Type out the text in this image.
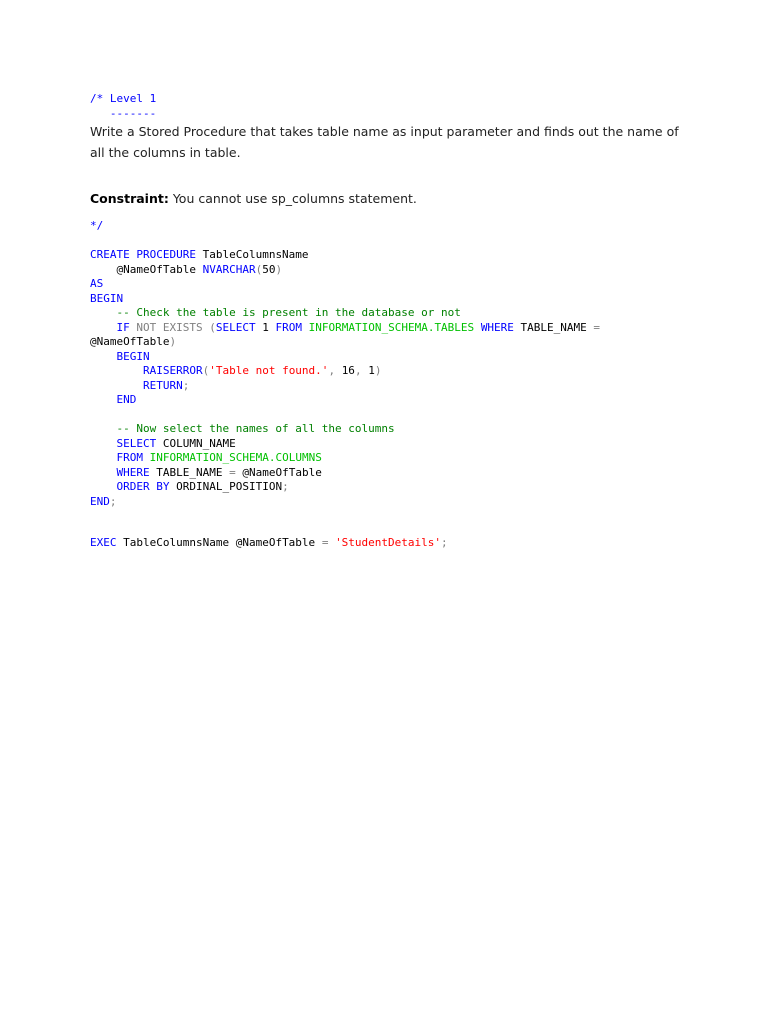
/* Level 1
-------
Write a Stored Procedure that takes table name as input parameter and finds out the name of all the columns in table.
Constraint: You cannot use sp_columns statement.
*/
CREATE PROCEDURE TableColumnsName
@NameOfTable NVARCHAR(50)
AS
BEGIN
-- Check the table is present in the database or not
IF NOT EXISTS (SELECT 1 FROM INFORMATION_SCHEMA.TABLES WHERE TABLE_NAME =
@NameOfTable)
BEGIN
RAISERROR('Table not found.', 16, 1)
RETURN;
END

-- Now select the names of all the columns
SELECT COLUMN_NAME
FROM INFORMATION_SCHEMA.COLUMNS
WHERE TABLE_NAME = @NameOfTable
ORDER BY ORDINAL_POSITION;
END;
EXEC TableColumnsName @NameOfTable = 'StudentDetails';
